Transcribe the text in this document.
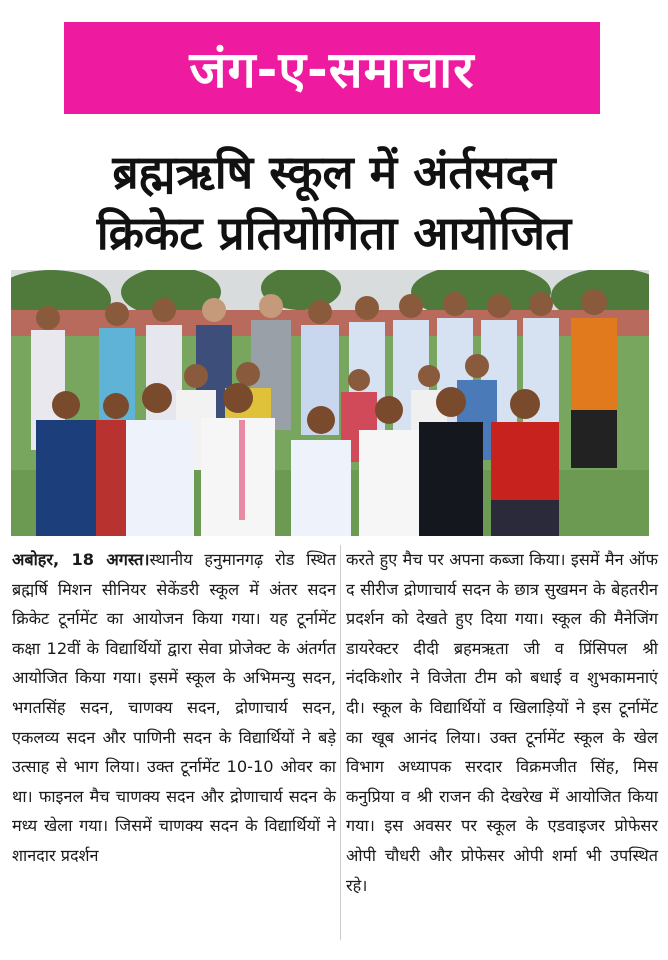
जंग-ए-समाचार
ब्रह्मऋषि स्कूल में अंर्तसदन
क्रिकेट प्रतियोगिता आयोजित
अबोहर, 18 अगस्त।स्थानीय हनुमानगढ़ रोड स्थित ब्रह्मर्षि मिशन सीनियर सेकेंडरी स्कूल में अंतर सदन क्रिकेट टूर्नामेंट का आयोजन किया गया। यह टूर्नामेंट कक्षा 12वीं के विद्यार्थियों द्वारा सेवा प्रोजेक्ट के अंतर्गत आयोजित किया गया। इसमें स्कूल के अभिमन्यु सदन, भगतसिंह सदन, चाणक्य सदन, द्रोणाचार्य सदन, एकलव्य सदन और पाणिनी सदन के विद्यार्थियों ने बड़े उत्साह से भाग लिया। उक्त टूर्नामेंट 10-10 ओवर का था। फाइनल मैच चाणक्य सदन और द्रोणाचार्य सदन के मध्य खेला गया। जिसमें चाणक्य सदन के विद्यार्थियों ने शानदार प्रदर्शन
करते हुए मैच पर अपना कब्जा किया। इसमें मैन ऑफ द सीरीज द्रोणाचार्य सदन के छात्र सुखमन के बेहतरीन प्रदर्शन को देखते हुए दिया गया। स्कूल की मैनेजिंग डायरेक्टर दीदी ब्रहमऋता जी व प्रिंसिपल श्री नंदकिशोर ने विजेता टीम को बधाई व शुभकामनाएं दी। स्कूल के विद्यार्थियों व खिलाड़ियों ने इस टूर्नामेंट का खूब आनंद लिया। उक्त टूर्नामेंट स्कूल के खेल विभाग अध्यापक सरदार विक्रमजीत सिंह, मिस कनुप्रिया व श्री राजन की देखरेख में आयोजित किया गया। इस अवसर पर स्कूल के एडवाइजर प्रोफेसर ओपी चौधरी और प्रोफेसर ओपी शर्मा भी उपस्थित रहे।
